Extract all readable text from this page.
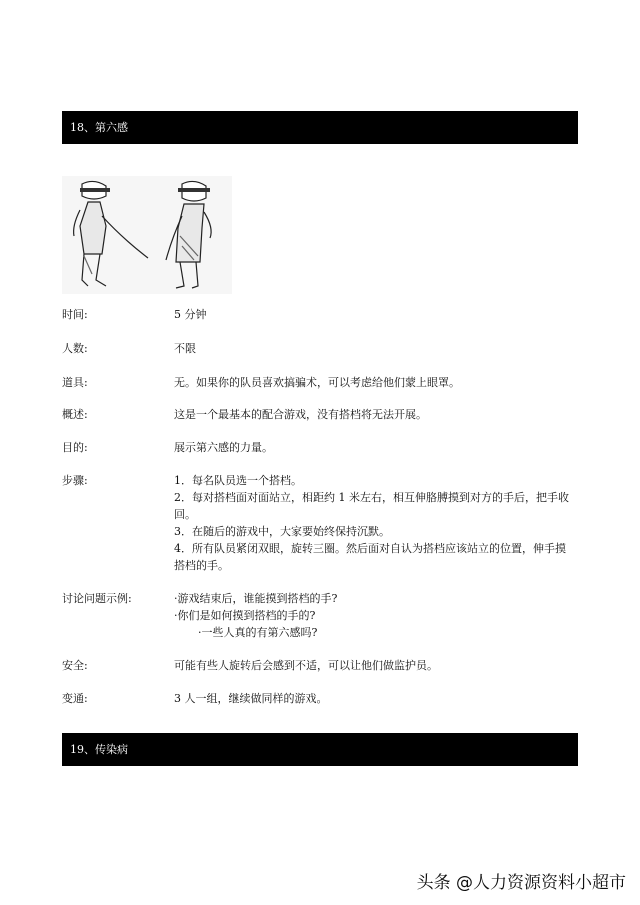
18、第六感
时间:	5 分钟
人数:	不限
道具:	无。如果你的队员喜欢搞骗术，可以考虑给他们蒙上眼罩。
概述:	这是一个最基本的配合游戏，没有搭档将无法开展。
目的:	展示第六感的力量。
步骤:	1．每名队员选一个搭档。
2．每对搭档面对面站立，相距约 1 米左右，相互伸胳膊摸到对方的手后，把手收
回。
3．在随后的游戏中，大家要始终保持沉默。
4．所有队员紧闭双眼，旋转三圈。然后面对自认为搭档应该站立的位置，伸手摸
搭档的手。
讨论问题示例:	·游戏结束后，谁能摸到搭档的手?
·你们是如何摸到搭档的手的?
·一些人真的有第六感吗?
安全:	可能有些人旋转后会感到不适，可以让他们做监护员。
变通:	3 人一组，继续做同样的游戏。
19、传染病
头条 @人力资源资料小超市
